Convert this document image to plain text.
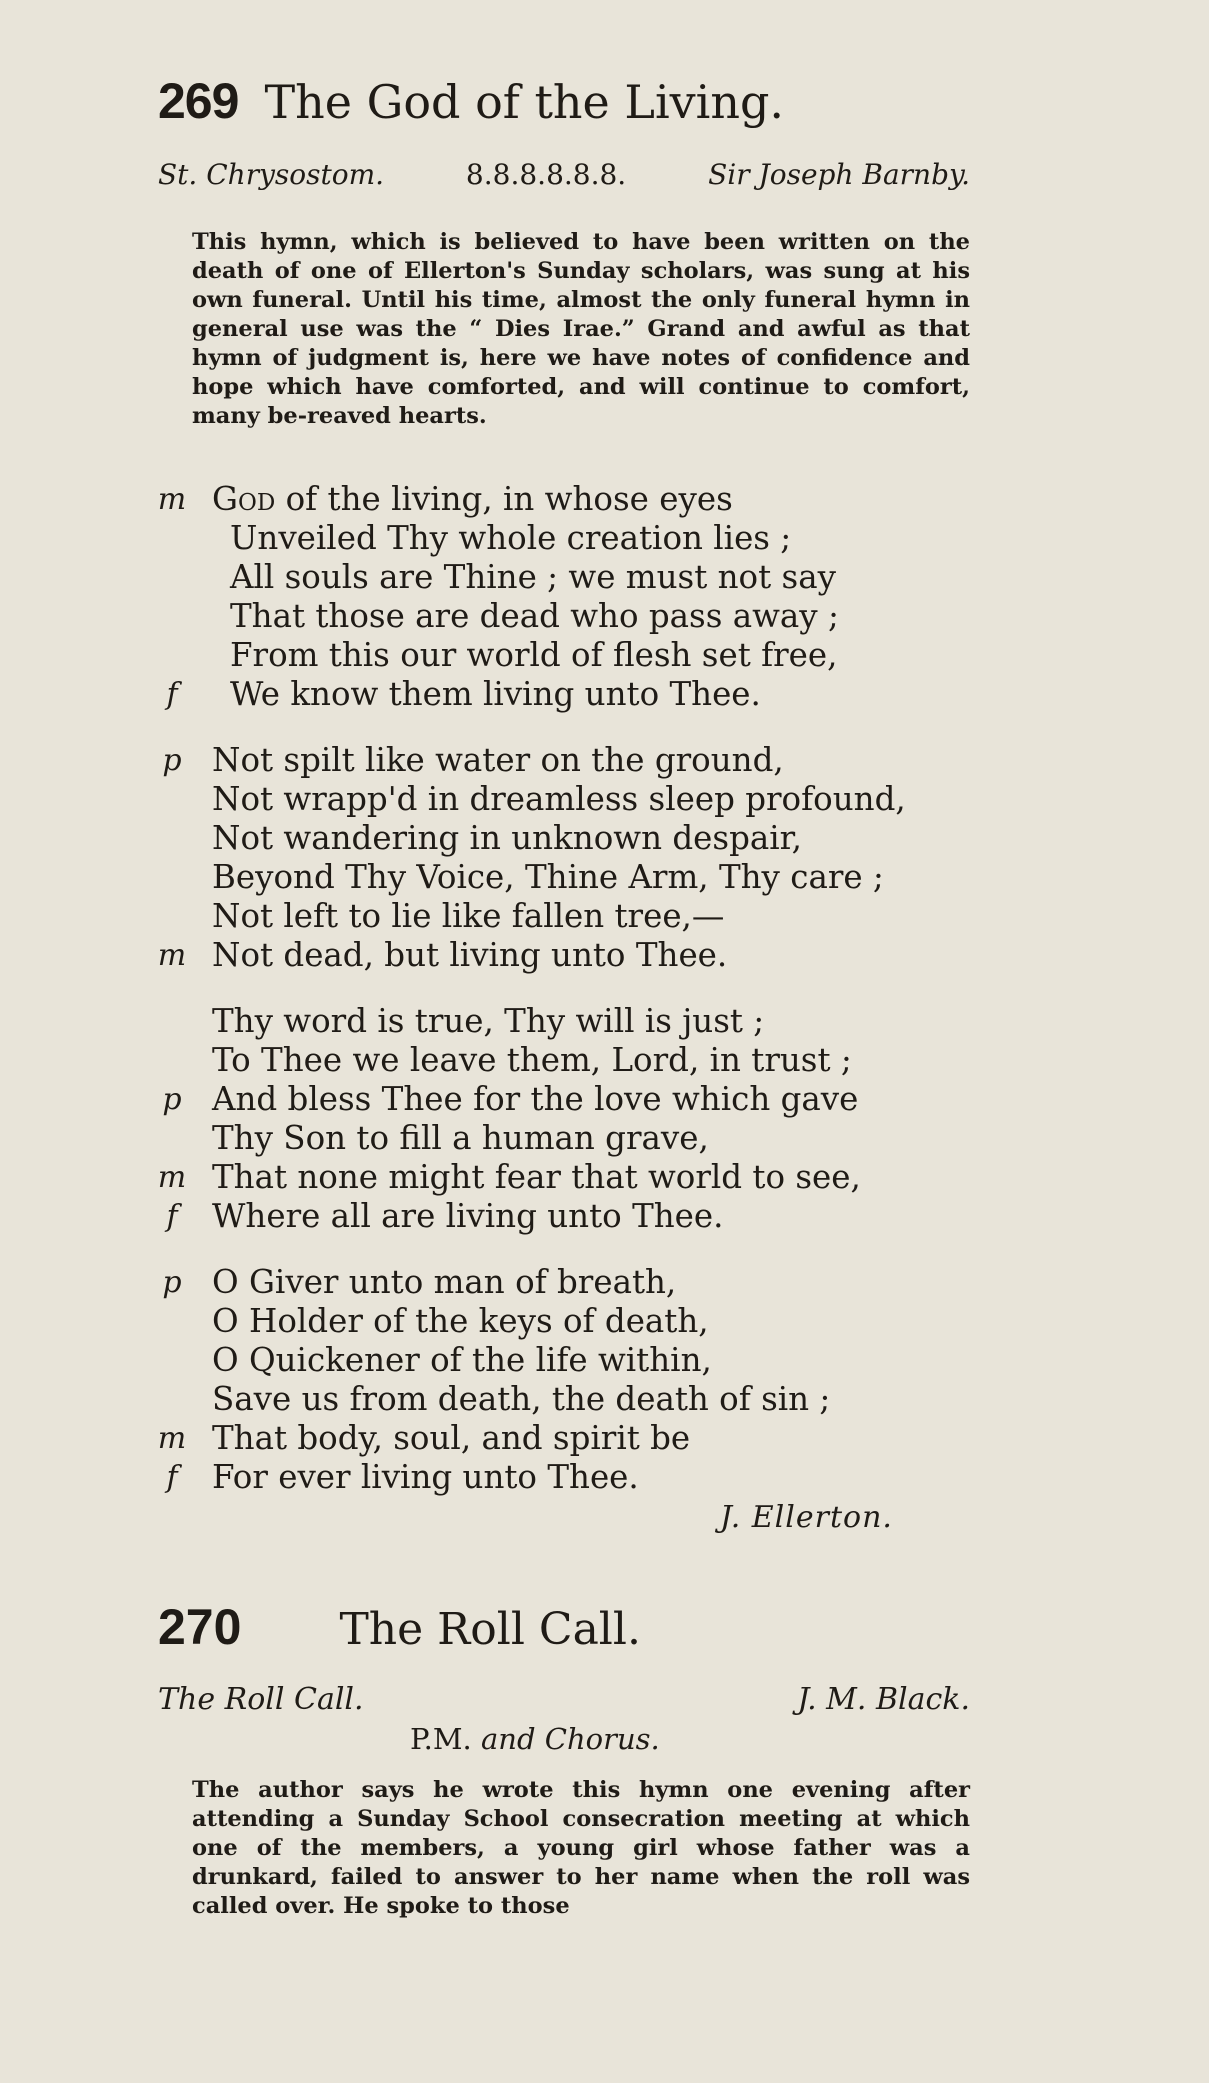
269 The God of the Living.
St. Chrysostom.	8.8.8.8.8.8.	Sir Joseph Barnby.
This hymn, which is believed to have been written on the death of one of Ellerton's Sunday scholars, was sung at his own funeral. Until his time, almost the only funeral hymn in general use was the “ Dies Irae.” Grand and awful as that hymn of judgment is, here we have notes of confidence and hope which have comforted, and will continue to comfort, many be-reaved hearts.
m God of the living, in whose eyes
Unveiled Thy whole creation lies ;
All souls are Thine ; we must not say
That those are dead who pass away ;
From this our world of flesh set free,
f	We know them living unto Thee.
p Not spilt like water on the ground,
Not wrapp'd in dreamless sleep profound,
Not wandering in unknown despair,
Beyond Thy Voice, Thine Arm, Thy care ;
Not left to lie like fallen tree,—
m Not dead, but living unto Thee.
Thy word is true, Thy will is just ;
To Thee we leave them, Lord, in trust ;
p And bless Thee for the love which gave
Thy Son to fill a human grave,
m That none might fear that world to see,
f	Where all are living unto Thee.
p O Giver unto man of breath,
O Holder of the keys of death,
O Quickener of the life within,
Save us from death, the death of sin ;
m That body, soul, and spirit be
f	For ever living unto Thee.
J. Ellerton.
270 The Roll Call.
The Roll Call.	J. M. Black.
P.M. and Chorus.
The author says he wrote this hymn one evening after attending a Sunday School consecration meeting at which one of the members, a young girl whose father was a drunkard, failed to answer to her name when the roll was called over. He spoke to those
